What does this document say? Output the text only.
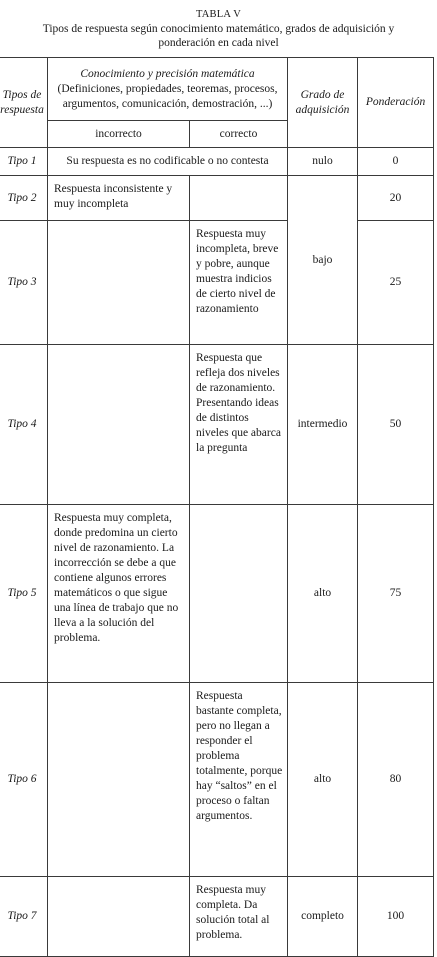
TABLA V

Tipos de respuesta según conocimiento matemático, grados de adquisición y ponderación en cada nivel
Tipos de respuesta	Conocimiento y precisión matemática
(Definiciones, propiedades, teoremas, procesos, argumentos, comunicación, demostración, ...)		Grado de adquisición	Ponderación
	incorrecto	correcto		
Tipo 1	Su respuesta es no codificable o no contesta		nulo	0
Tipo 2	Respuesta inconsistente y muy incompleta		bajo	20
Tipo 3		Respuesta muy incompleta, breve y pobre, aunque muestra indicios de cierto nivel de razonamiento		25
Tipo 4		Respuesta que refleja dos niveles de razonamiento. Presentando ideas de distintos niveles que abarca la pregunta	intermedio	50
Tipo 5	Respuesta muy completa, donde predomina un cierto nivel de razonamiento. La incorrección se debe a que contiene algunos errores matemáticos o que sigue una línea de trabajo que no lleva a la solución del problema.		alto	75
Tipo 6		Respuesta bastante completa, pero no llegan a responder el problema totalmente, porque hay “saltos” en el proceso o faltan argumentos.	alto	80
Tipo 7		Respuesta muy completa. Da solución total al problema.	completo	100
